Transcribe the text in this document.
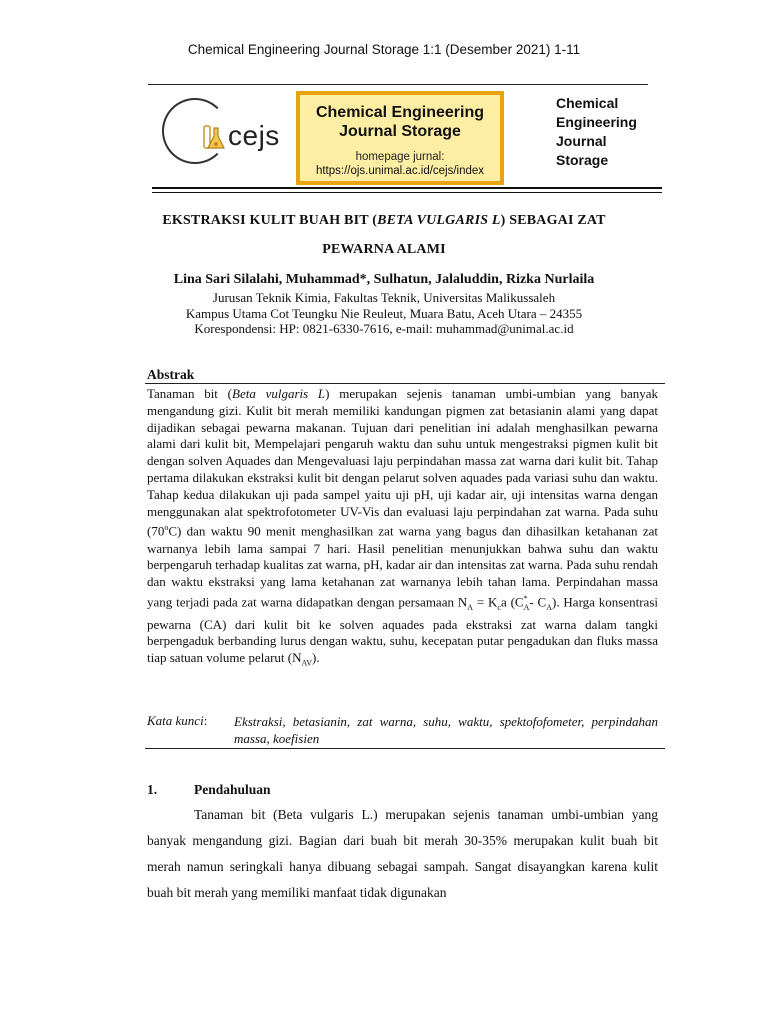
Chemical Engineering Journal Storage 1:1 (Desember 2021) 1-11
cejs
Chemical Engineering
Journal Storage
homepage jurnal:
https://ojs.unimal.ac.id/cejs/index
Chemical
Engineering
Journal
Storage
EKSTRAKSI KULIT BUAH BIT (BETA VULGARIS L) SEBAGAI ZAT
PEWARNA ALAMI
Lina Sari Silalahi, Muhammad*, Sulhatun, Jalaluddin, Rizka Nurlaila
Jurusan Teknik Kimia, Fakultas Teknik, Universitas Malikussaleh
Kampus Utama Cot Teungku Nie Reuleut, Muara Batu, Aceh Utara – 24355
Korespondensi: HP: 0821-6330-7616, e-mail: muhammad@unimal.ac.id
Abstrak
Tanaman bit (Beta vulgaris L) merupakan sejenis tanaman umbi-umbian yang banyak mengandung gizi. Kulit bit merah memiliki kandungan pigmen zat betasianin alami yang dapat dijadikan sebagai pewarna makanan. Tujuan dari penelitian ini adalah menghasilkan pewarna alami dari kulit bit, Mempelajari pengaruh waktu dan suhu untuk mengestraksi pigmen kulit bit dengan solven Aquades dan Mengevaluasi laju perpindahan massa zat warna dari kulit bit. Tahap pertama dilakukan ekstraksi kulit bit dengan pelarut solven aquades pada variasi suhu dan waktu. Tahap kedua dilakukan uji pada sampel yaitu uji pH, uji kadar air, uji intensitas warna dengan menggunakan alat spektrofotometer UV-Vis dan evaluasi laju perpindahan zat warna. Pada suhu (70$^o$C) dan waktu 90 menit menghasilkan zat warna yang bagus dan dihasilkan ketahanan zat warnanya lebih lama sampai 7 hari. Hasil penelitian menunjukkan bahwa suhu dan waktu berpengaruh terhadap kualitas zat warna, pH, kadar air dan intensitas zat warna. Pada suhu rendah dan waktu ekstraksi yang lama ketahanan zat warnanya lebih tahan lama. Perpindahan massa yang terjadi pada zat warna didapatkan dengan persamaan $N_A = K_ca$ ($C^*_A-$ $C_A$). Harga konsentrasi pewarna (CA) dari kulit bit ke solven aquades pada ekstraksi zat warna dalam tangki berpengaduk berbanding lurus dengan waktu, suhu, kecepatan putar pengadukan dan fluks massa tiap satuan volume pelarut $(N_{AV})$.
Kata kunci: Ekstraksi, betasianin, zat warna, suhu, waktu, spektofofometer, perpindahan massa, koefisien
1.	Pendahuluan
Tanaman bit (Beta vulgaris L.) merupakan sejenis tanaman umbi-umbian yang banyak mengandung gizi. Bagian dari buah bit merah 30-35% merupakan kulit buah bit merah namun seringkali hanya dibuang sebagai sampah. Sangat disayangkan karena kulit buah bit merah yang memiliki manfaat tidak digunakan
